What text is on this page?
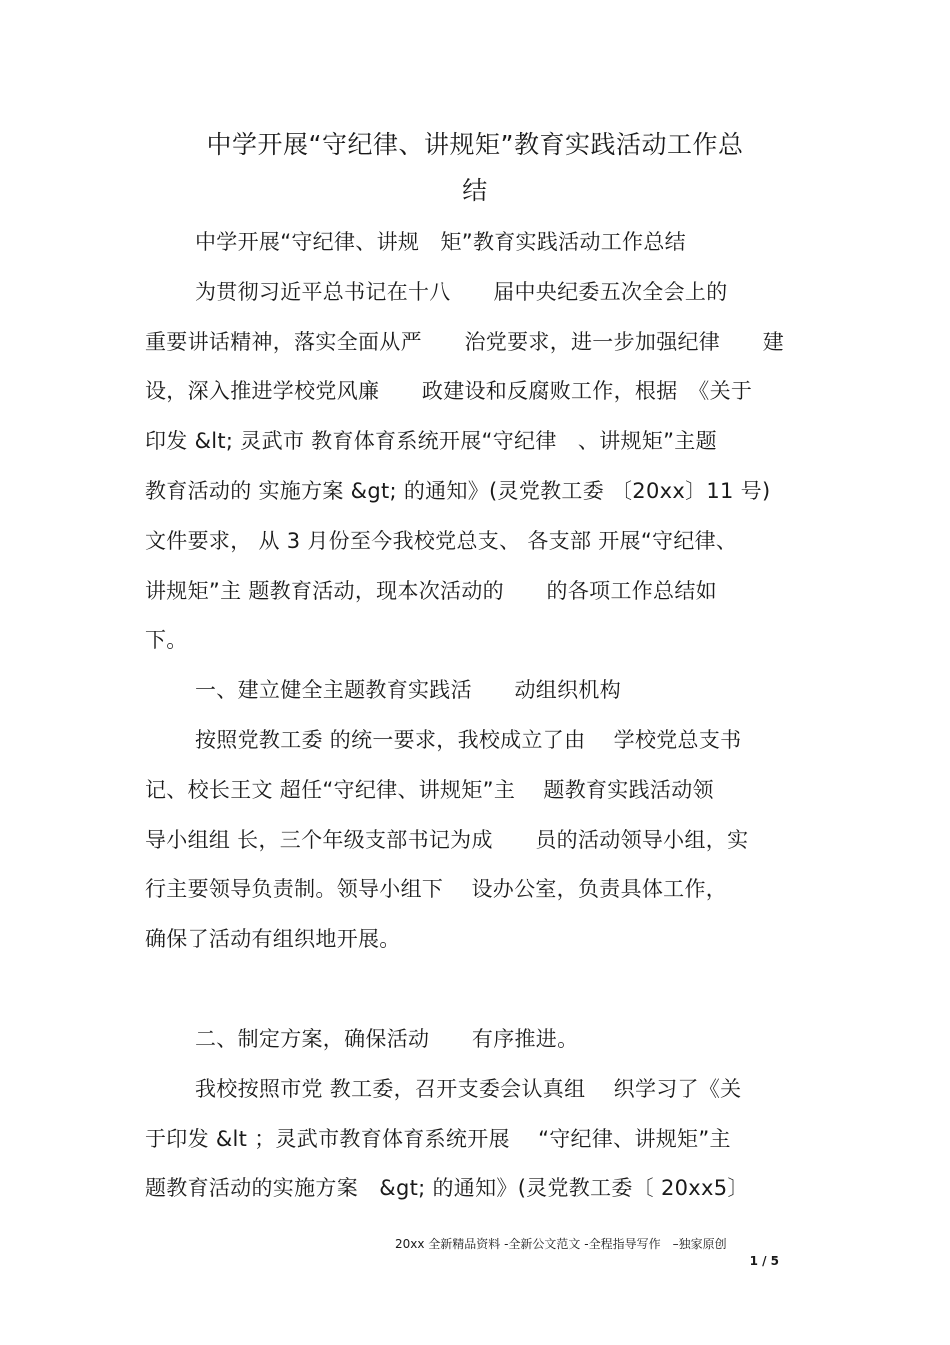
中学开展“守纪律、讲规矩”教育实践活动工作总
结
中学开展“守纪律、讲规　矩”教育实践活动工作总结
为贯彻习近平总书记在十八　　届中央纪委五次全会上的
重要讲话精神，落实全面从严　　治党要求，进一步加强纪律　　建
设，深入推进学校党风廉　　政建设和反腐败工作，根据　《关于
印发 &lt; 灵武市 教育体育系统开展“守纪律　、讲规矩”主题
教育活动的 实施方案 &gt; 的通知》(灵党教工委 〔20xx〕11 号)
文件要求， 从 3 月份至今我校党总支、 各支部 开展“守纪律、
讲规矩”主 题教育活动，现本次活动的　　的各项工作总结如
下。
一、建立健全主题教育实践活　　动组织机构
按照党教工委 的统一要求，我校成立了由　 学校党总支书
记、校长王文 超任“守纪律、讲规矩”主　 题教育实践活动领
导小组组 长，三个年级支部书记为成　　员的活动领导小组，实
行主要领导负责制。领导小组下　 设办公室，负责具体工作，
确保了活动有组织地开展。
二、制定方案，确保活动　　有序推进。
我校按照市党 教工委，召开支委会认真组　 织学习了《关
于印发 &lt ；灵武市教育体育系统开展　 “守纪律、讲规矩”主
题教育活动的实施方案　&gt; 的通知》(灵党教工委〔 20xx5〕
20xx 全新精品资料 -全新公文范文 -全程指导写作　–独家原创
1 / 5
